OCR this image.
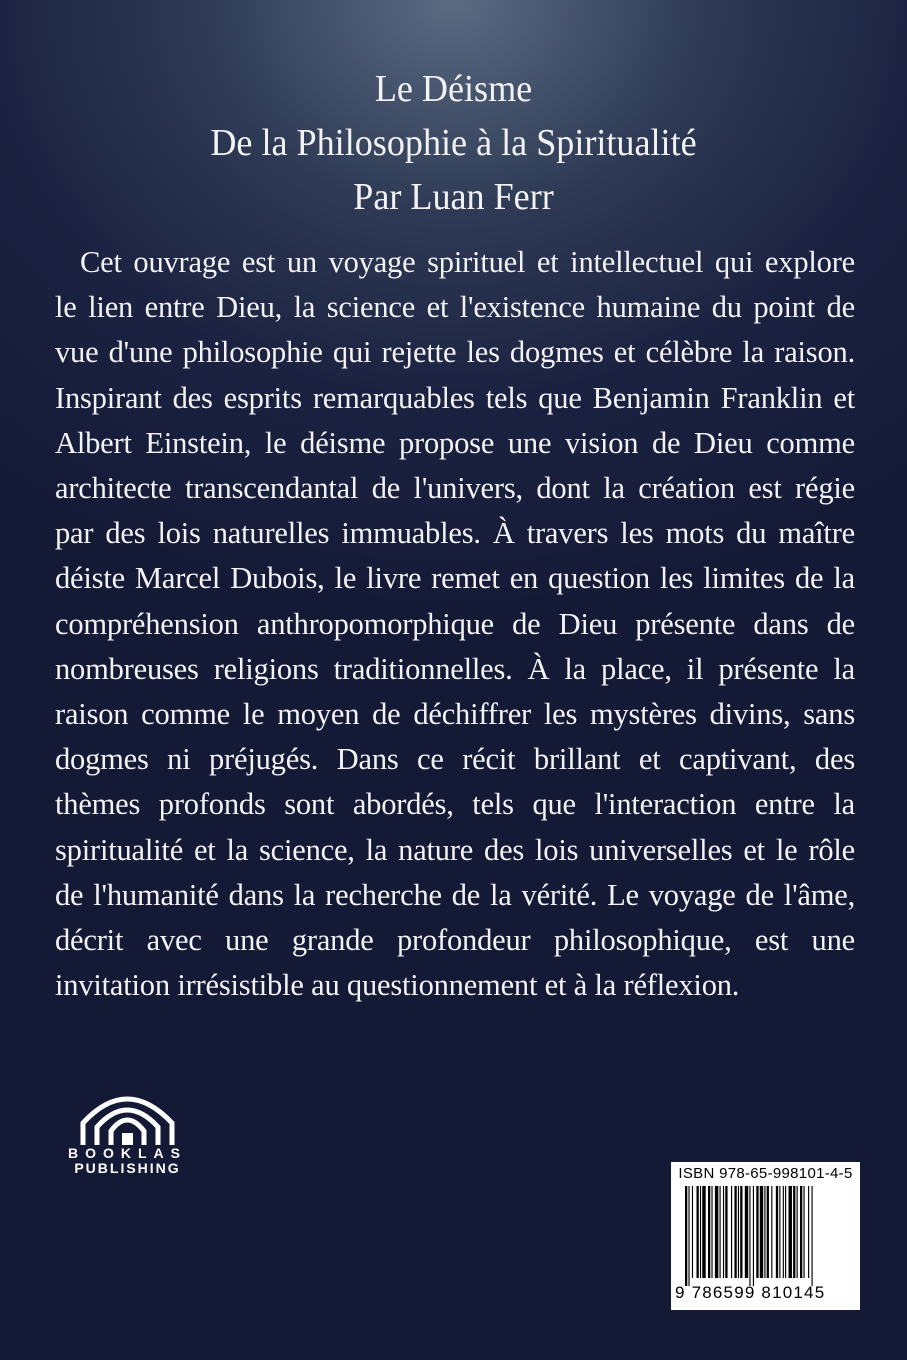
Le Déisme
De la Philosophie à la Spiritualité
Par Luan Ferr
Cet ouvrage est un voyage spirituel et intellectuel qui explore
le lien entre Dieu, la science et l'existence humaine du point de
vue d'une philosophie qui rejette les dogmes et célèbre la raison.
Inspirant des esprits remarquables tels que Benjamin Franklin et
Albert Einstein, le déisme propose une vision de Dieu comme
architecte transcendantal de l'univers, dont la création est régie
par des lois naturelles immuables. À travers les mots du maître
déiste Marcel Dubois, le livre remet en question les limites de la
compréhension anthropomorphique de Dieu présente dans de
nombreuses religions traditionnelles. À la place, il présente la
raison comme le moyen de déchiffrer les mystères divins, sans
dogmes ni préjugés. Dans ce récit brillant et captivant, des
thèmes profonds sont abordés, tels que l'interaction entre la
spiritualité et la science, la nature des lois universelles et le rôle
de l'humanité dans la recherche de la vérité. Le voyage de l'âme,
décrit avec une grande profondeur philosophique, est une
invitation irrésistible au questionnement et à la réflexion.
BOOKLAS
PUBLISHING	ISBN 978-65-998101-4-5
9 786599 810145
